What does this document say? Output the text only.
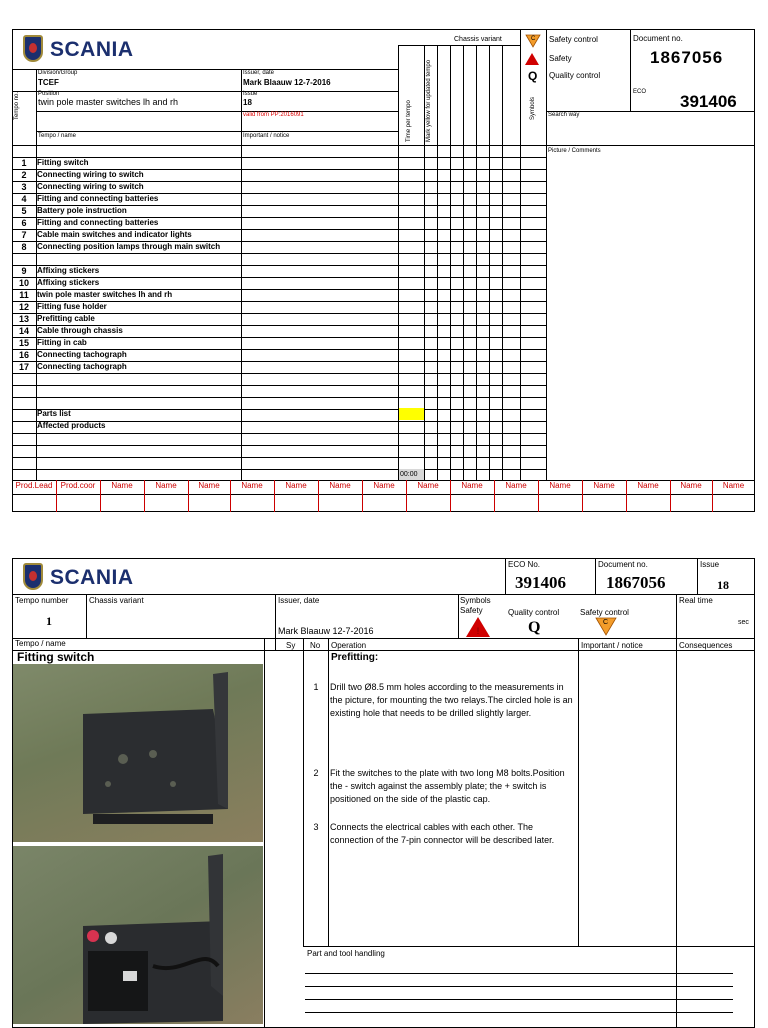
SCANIA
Tempo no.
Division/Group
TCEF
Position
twin pole master switches lh and rh
Issuer, date
Mark Blaauw 12-7-2016
Issue
18
valid from PP:2016091
Tempo / name	Important / notice
Chassis variant
Time per tempo Mark yellow for updated tempo	Symbols
C
Q
Safety control
Safety
Quality control
Document no.
1867056
ECO 391406
Search way
Picture / Comments
1	Fitting switch
2	Connecting wiring to switch
3	Connecting wiring to switch
4	Fitting and connecting batteries
5	Battery pole instruction
6	Fitting and connecting batteries
7	Cable main switches and indicator lights
8	Connecting position lamps through main switch
9	Affixing stickers
10	Affixing stickers
11	twin pole master switches lh and rh
12	Fitting fuse holder
13	Prefitting cable
14	Cable through chassis
15	Fitting in cab
16	Connecting tachograph
17	Connecting tachograph
Parts list
Affected products
00:00
Prod.Lead	Prod.coor	Name	Name	Name	Name	Name	Name	Name	Name	Name	Name	Name	Name	Name	Name	Name
SCANIA
ECO No.
391406
Document no.
1867056
Issue
18
Tempo number
1
Chassis variant	Issuer, date
Mark Blaauw 12-7-2016
Symbols
Safety	Quality control	Safety control
!	Q	C
Real time
sec
Tempo / name
Fitting switch
Sy No Operation	Important / notice	Consequences
Prefitting:
1	Drill two Ø8.5 mm holes according to the measurements in the picture, for mounting the two relays.The circled hole is an existing hole that needs to be drilled slightly larger.
2	Fit the switches to the plate with two long M8 bolts.Position the - switch against the assembly plate; the + switch is positioned on the side of the plastic cap.
3	Connects the electrical cables with each other. The connection of the 7-pin connector will be described later.
Part and tool handling
